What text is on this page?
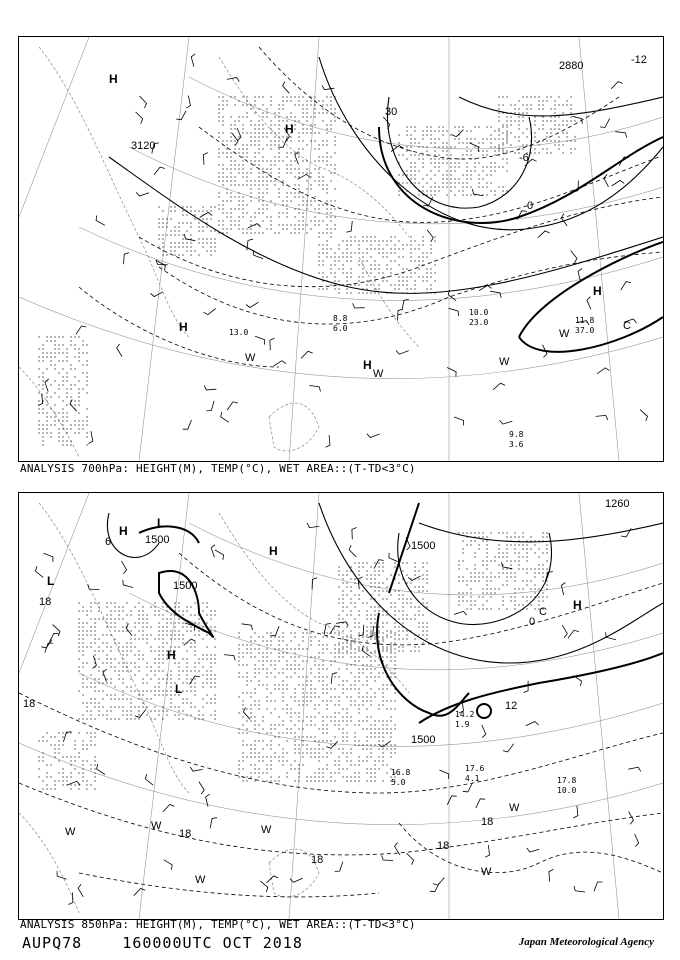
3120
2880
30
-12
-6
0
C
H
H
H
H
H
W
W
W
W
10.0
23.0	11.8
37.0
9.8
3.6
13.0
8.8
6.0
ANALYSIS 700hPa: HEIGHT(M), TEMP(°C), WET AREA::(T-TD<3°C)
1500
1500
1500
1500
1260
18
18
18
18
18
18
12
6
0
C
H
H
H
L
L
L
H
W	W	W
W
W
W
17.6
4.1	17.8
10.0
16.8
5.0
14.2
1.9
ANALYSIS 850hPa: HEIGHT(M), TEMP(°C), WET AREA::(T-TD<3°C)
AUPQ78	160000UTC OCT 2018	Japan Meteorological Agency
